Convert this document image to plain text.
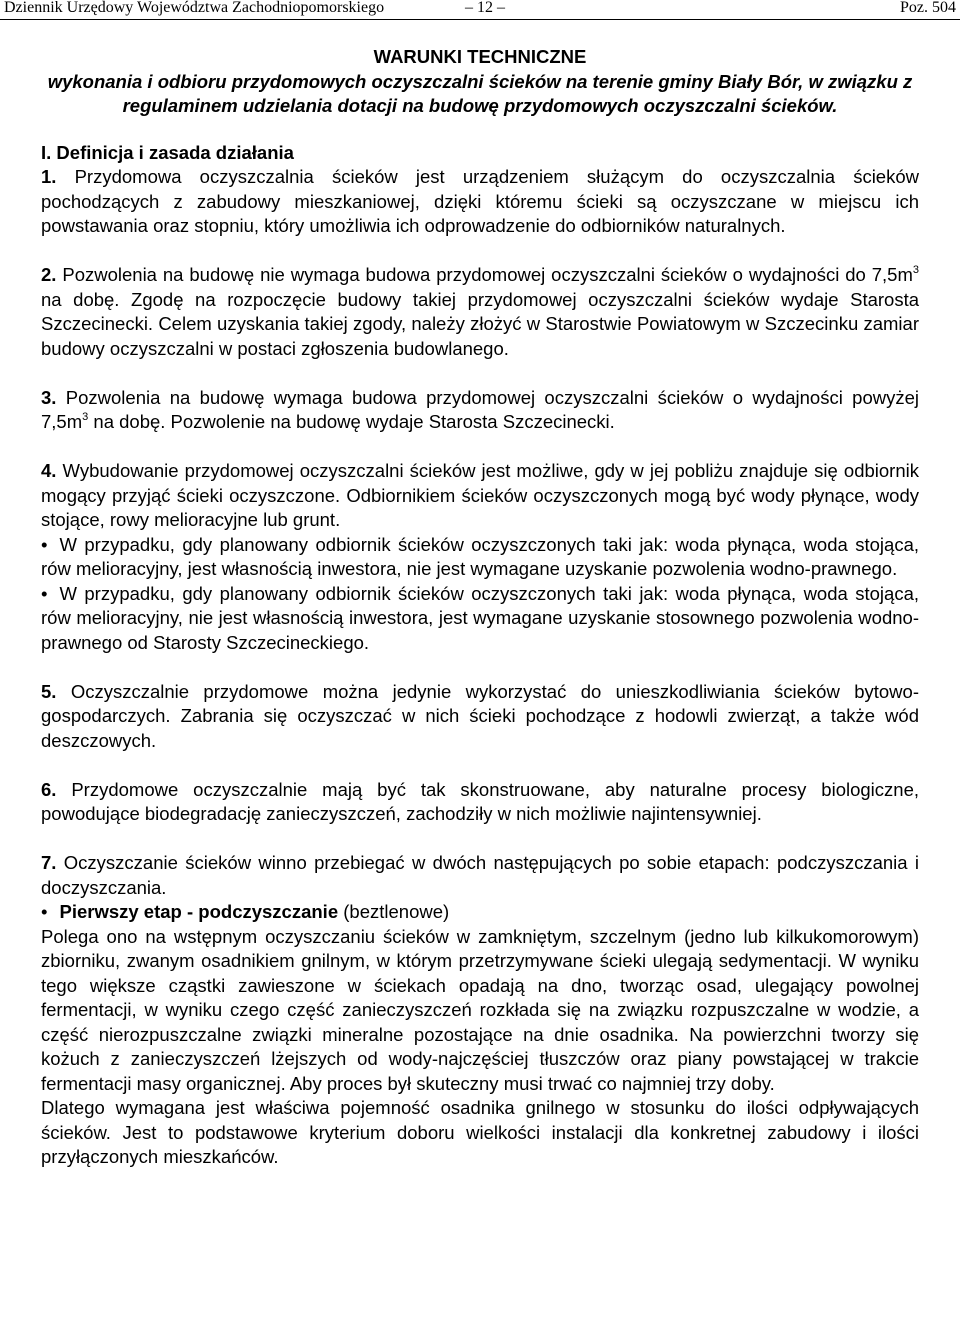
Dziennik Urzędowy Województwa Zachodniopomorskiego	– 12 –	Poz. 504
WARUNKI TECHNICZNE
wykonania i odbioru przydomowych oczyszczalni ścieków na terenie gminy Biały Bór, w związku z regulaminem udzielania dotacji na budowę przydomowych oczyszczalni ścieków.

I. Definicja i zasada działania

1. Przydomowa oczyszczalnia ścieków jest urządzeniem służącym do oczyszczalnia ścieków pochodzących z zabudowy mieszkaniowej, dzięki któremu ścieki są oczyszczane w miejscu ich powstawania oraz stopniu, który umożliwia ich odprowadzenie do odbiorników naturalnych.

2. Pozwolenia na budowę nie wymaga budowa przydomowej oczyszczalni ścieków o wydajności do $7,5m^3$ na dobę. Zgodę na rozpoczęcie budowy takiej przydomowej oczyszczalni ścieków wydaje Starosta Szczecinecki. Celem uzyskania takiej zgody, należy złożyć w Starostwie Powiatowym w Szczecinku zamiar budowy oczyszczalni w postaci zgłoszenia budowlanego.

3. Pozwolenia na budowę wymaga budowa przydomowej oczyszczalni ścieków o wydajności powyżej $7,5m^3$ na dobę. Pozwolenie na budowę wydaje Starosta Szczecinecki.

4. Wybudowanie przydomowej oczyszczalni ścieków jest możliwe, gdy w jej pobliżu znajduje się odbiornik mogący przyjąć ścieki oczyszczone. Odbiornikiem ścieków oczyszczonych mogą być wody płynące, wody stojące, rowy melioracyjne lub grunt.

• W przypadku, gdy planowany odbiornik ścieków oczyszczonych taki jak: woda płynąca, woda stojąca, rów melioracyjny, jest własnością inwestora, nie jest wymagane uzyskanie pozwolenia wodno-prawnego.

• W przypadku, gdy planowany odbiornik ścieków oczyszczonych taki jak: woda płynąca, woda stojąca, rów melioracyjny, nie jest własnością inwestora, jest wymagane uzyskanie stosownego pozwolenia wodno-prawnego od Starosty Szczecineckiego.

5. Oczyszczalnie przydomowe można jedynie wykorzystać do unieszkodliwiania ścieków bytowo-gospodarczych. Zabrania się oczyszczać w nich ścieki pochodzące z hodowli zwierząt, a także wód deszczowych.

6. Przydomowe oczyszczalnie mają być tak skonstruowane, aby naturalne procesy biologiczne, powodujące biodegradację zanieczyszczeń, zachodziły w nich możliwie najintensywniej.

7. Oczyszczanie ścieków winno przebiegać w dwóch następujących po sobie etapach: podczyszczania i doczyszczania.

• Pierwszy etap - podczyszczanie (beztlenowe)

Polega ono na wstępnym oczyszczaniu ścieków w zamkniętym, szczelnym (jedno lub kilkukomorowym) zbiorniku, zwanym osadnikiem gnilnym, w którym przetrzymywane ścieki ulegają sedymentacji. W wyniku tego większe cząstki zawieszone w ściekach opadają na dno, tworząc osad, ulegający powolnej fermentacji, w wyniku czego część zanieczyszczeń rozkłada się na związku rozpuszczalne w wodzie, a część nierozpuszczalne związki mineralne pozostające na dnie osadnika. Na powierzchni tworzy się kożuch z zanieczyszczeń lżejszych od wody-najczęściej tłuszczów oraz piany powstającej w trakcie fermentacji masy organicznej. Aby proces był skuteczny musi trwać co najmniej trzy doby.

Dlatego wymagana jest właściwa pojemność osadnika gnilnego w stosunku do ilości odpływających ścieków. Jest to podstawowe kryterium doboru wielkości instalacji dla konkretnej zabudowy i ilości przyłączonych mieszkańców.
